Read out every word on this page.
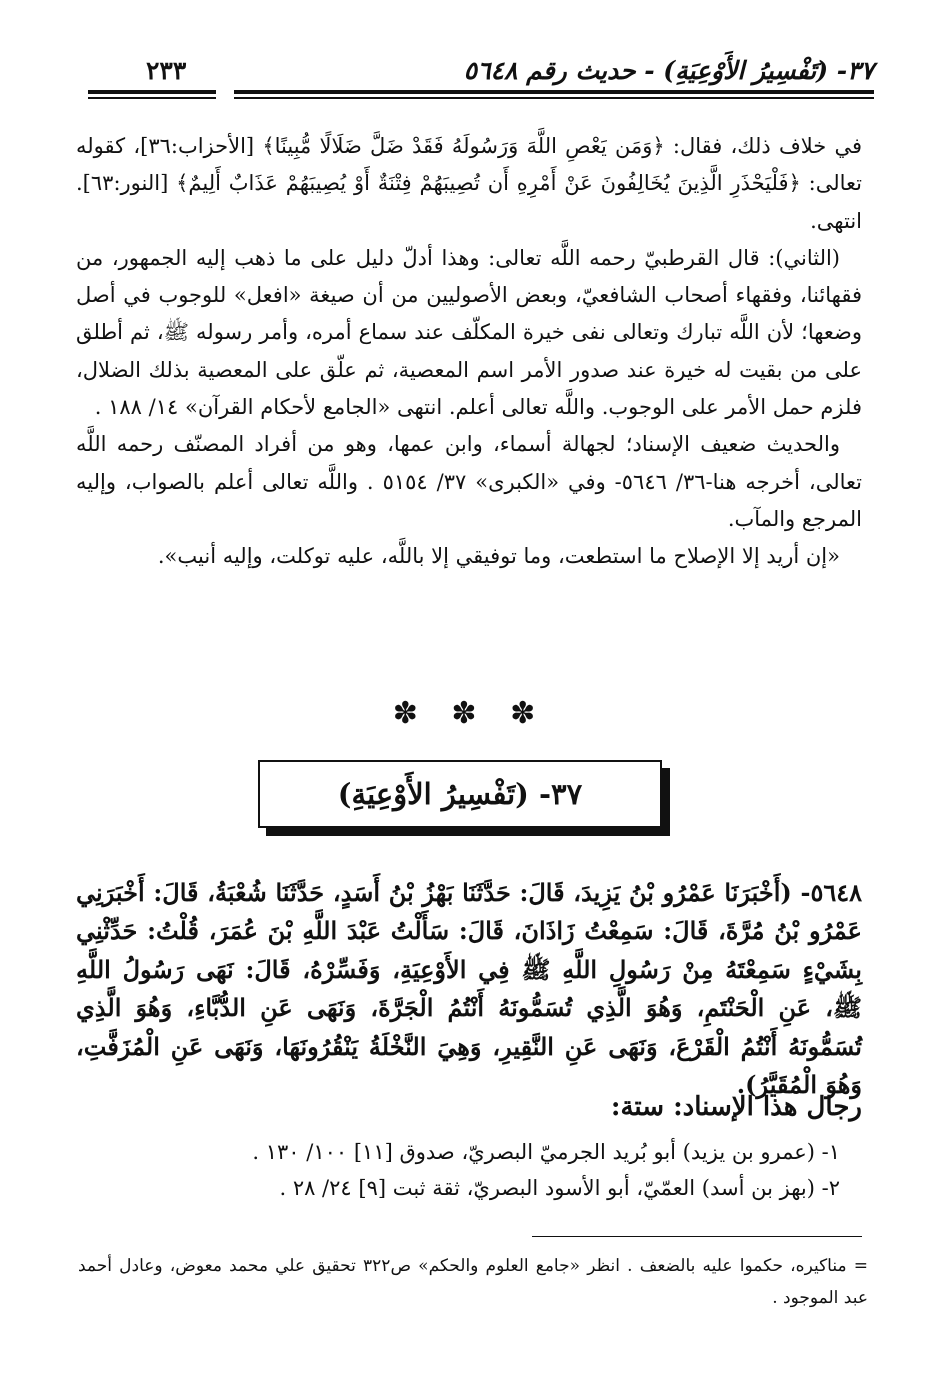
٣٧- (تَفْسِيرُ الأَوْعِيَةِ) - حديث رقم ٥٦٤٨
٢٣٣

في خلاف ذلك، فقال: ﴿وَمَن يَعْصِ اللَّهَ وَرَسُولَهُ فَقَدْ ضَلَّ ضَلَالًا مُّبِينًا﴾ [الأحزاب:٣٦]، كقوله تعالى: ﴿فَلْيَحْذَرِ الَّذِينَ يُخَالِفُونَ عَنْ أَمْرِهِ أَن تُصِيبَهُمْ فِتْنَةٌ أَوْ يُصِيبَهُمْ عَذَابٌ أَلِيمٌ﴾ [النور:٦٣]. انتهى.

(الثاني): قال القرطبيّ رحمه اللَّه تعالى: وهذا أدلّ دليل على ما ذهب إليه الجمهور، من فقهائنا، وفقهاء أصحاب الشافعيّ، وبعض الأصوليين من أن صيغة «افعل» للوجوب في أصل وضعها؛ لأن اللَّه تبارك وتعالى نفى خيرة المكلّف عند سماع أمره، وأمر رسوله ﷺ، ثم أطلق على من بقيت له خيرة عند صدور الأمر اسم المعصية، ثم علّق على المعصية بذلك الضلال، فلزم حمل الأمر على الوجوب. واللَّه تعالى أعلم. انتهى «الجامع لأحكام القرآن» ١٤/ ١٨٨ .

والحديث ضعيف الإسناد؛ لجهالة أسماء، وابن عمها، وهو من أفراد المصنّف رحمه اللَّه تعالى، أخرجه هنا-٣٦/ ٥٦٤٦- وفي «الكبرى» ٣٧/ ٥١٥٤ . واللَّه تعالى أعلم بالصواب، وإليه المرجع والمآب.

«إن أريد إلا الإصلاح ما استطعت، وما توفيقي إلا باللَّه، عليه توكلت، وإليه أنيب».

✽ ✽ ✽
٣٧- (تَفْسِيرُ الأَوْعِيَةِ)

٥٦٤٨- (أَخْبَرَنَا عَمْرُو بْنُ يَزِيدَ، قَالَ: حَدَّثَنَا بَهْزُ بْنُ أَسَدٍ، حَدَّثَنَا شُعْبَةُ، قَالَ: أَخْبَرَنِي عَمْرُو بْنُ مُرَّةَ، قَالَ: سَمِعْتُ زَاذَانَ، قَالَ: سَأَلْتُ عَبْدَ اللَّهِ بْنَ عُمَرَ، قُلْتُ: حَدِّثْنِي بِشَيْءٍ سَمِعْتَهُ مِنْ رَسُولِ اللَّهِ ﷺ فِي الأَوْعِيَةِ، وَفَسِّرْهُ، قَالَ: نَهَى رَسُولُ اللَّهِ ﷺ، عَنِ الْحَنْتَمِ، وَهُوَ الَّذِي تُسَمُّونَهُ أَنْتُمُ الْجَرَّةَ، وَنَهَى عَنِ الدُّبَّاءِ، وَهُوَ الَّذِي تُسَمُّونَهُ أَنْتُمُ الْقَرْعَ، وَنَهَى عَنِ النَّقِيرِ، وَهِيَ النَّخْلَةُ يَنْقُرُونَهَا، وَنَهَى عَنِ الْمُزَفَّتِ، وَهُوَ الْمُقَيَّرُ).

رجال هذا الإسناد: ستة:
١- (عمرو بن يزيد) أبو بُريد الجرميّ البصريّ، صدوق [١١] ١٠٠/ ١٣٠ .
٢- (بهز بن أسد) العمّيّ، أبو الأسود البصريّ، ثقة ثبت [٩] ٢٤/ ٢٨ .

= مناكيره، حكموا عليه بالضعف . انظر «جامع العلوم والحكم» ص٣٢٢ تحقيق علي محمد معوض، وعادل أحمد عبد الموجود .
